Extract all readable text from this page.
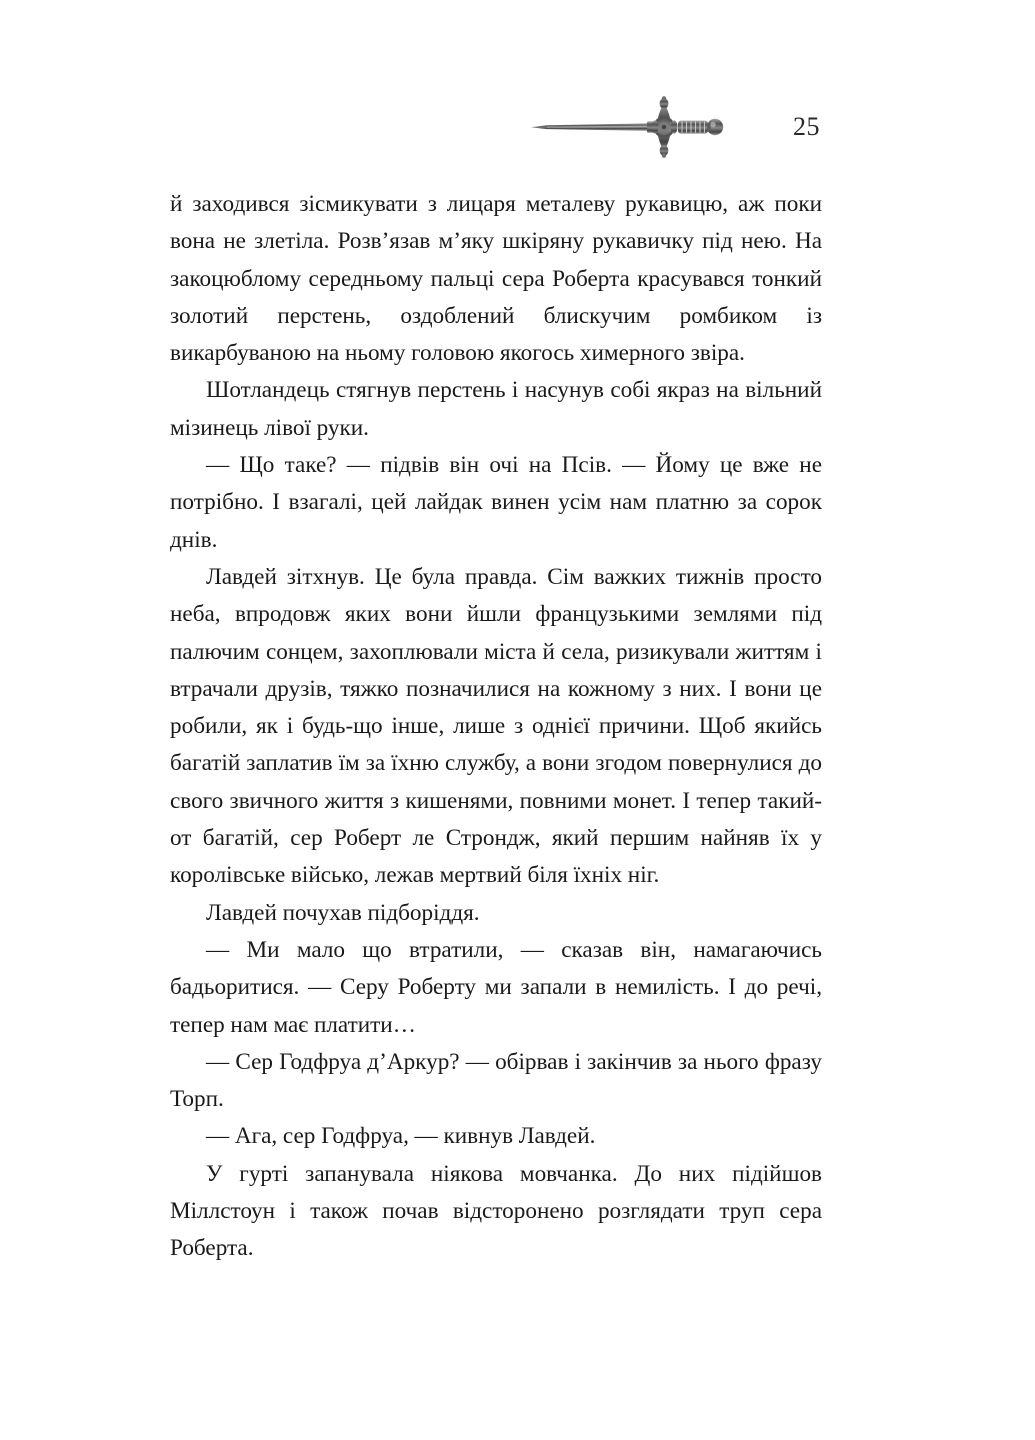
25

й заходився зісмикувати з лицаря металеву рукавицю, аж поки вона не злетіла. Розв’язав м’яку шкіряну рукавичку під нею. На закоцюблому середньому пальці сера Роберта красувався тонкий золотий перстень, оздоблений блискучим ромбиком із викарбуваною на ньому головою якогось химерного звіра.

Шотландець стягнув перстень і насунув собі якраз на вільний мізинець лівої руки.

— Що таке? — підвів він очі на Псів. — Йому це вже не потрібно. І взагалі, цей лайдак винен усім нам платню за сорок днів.

Лавдей зітхнув. Це була правда. Сім важких тижнів просто неба, впродовж яких вони йшли французькими землями під палючим сонцем, захоплювали міста й села, ризикували життям і втрачали друзів, тяжко позначилися на кожному з них. І вони це робили, як і будь-що інше, лише з однієї причини. Щоб якийсь багатій заплатив їм за їхню службу, а вони згодом повернулися до свого звичного життя з кишенями, повними монет. І тепер такий-от багатій, сер Роберт ле Строндж, який першим найняв їх у королівське військо, лежав мертвий біля їхніх ніг.

Лавдей почухав підборіддя.

— Ми мало що втратили, — сказав він, намагаючись бадьоритися. — Серу Роберту ми запали в немилість. І до речі, тепер нам має платити…

— Сер Годфруа д’Аркур? — обірвав і закінчив за нього фразу Торп.

— Ага, сер Годфруа, — кивнув Лавдей.

У гурті запанувала ніякова мовчанка. До них підійшов Міллстоун і також почав відсторонено розглядати труп сера Роберта.
